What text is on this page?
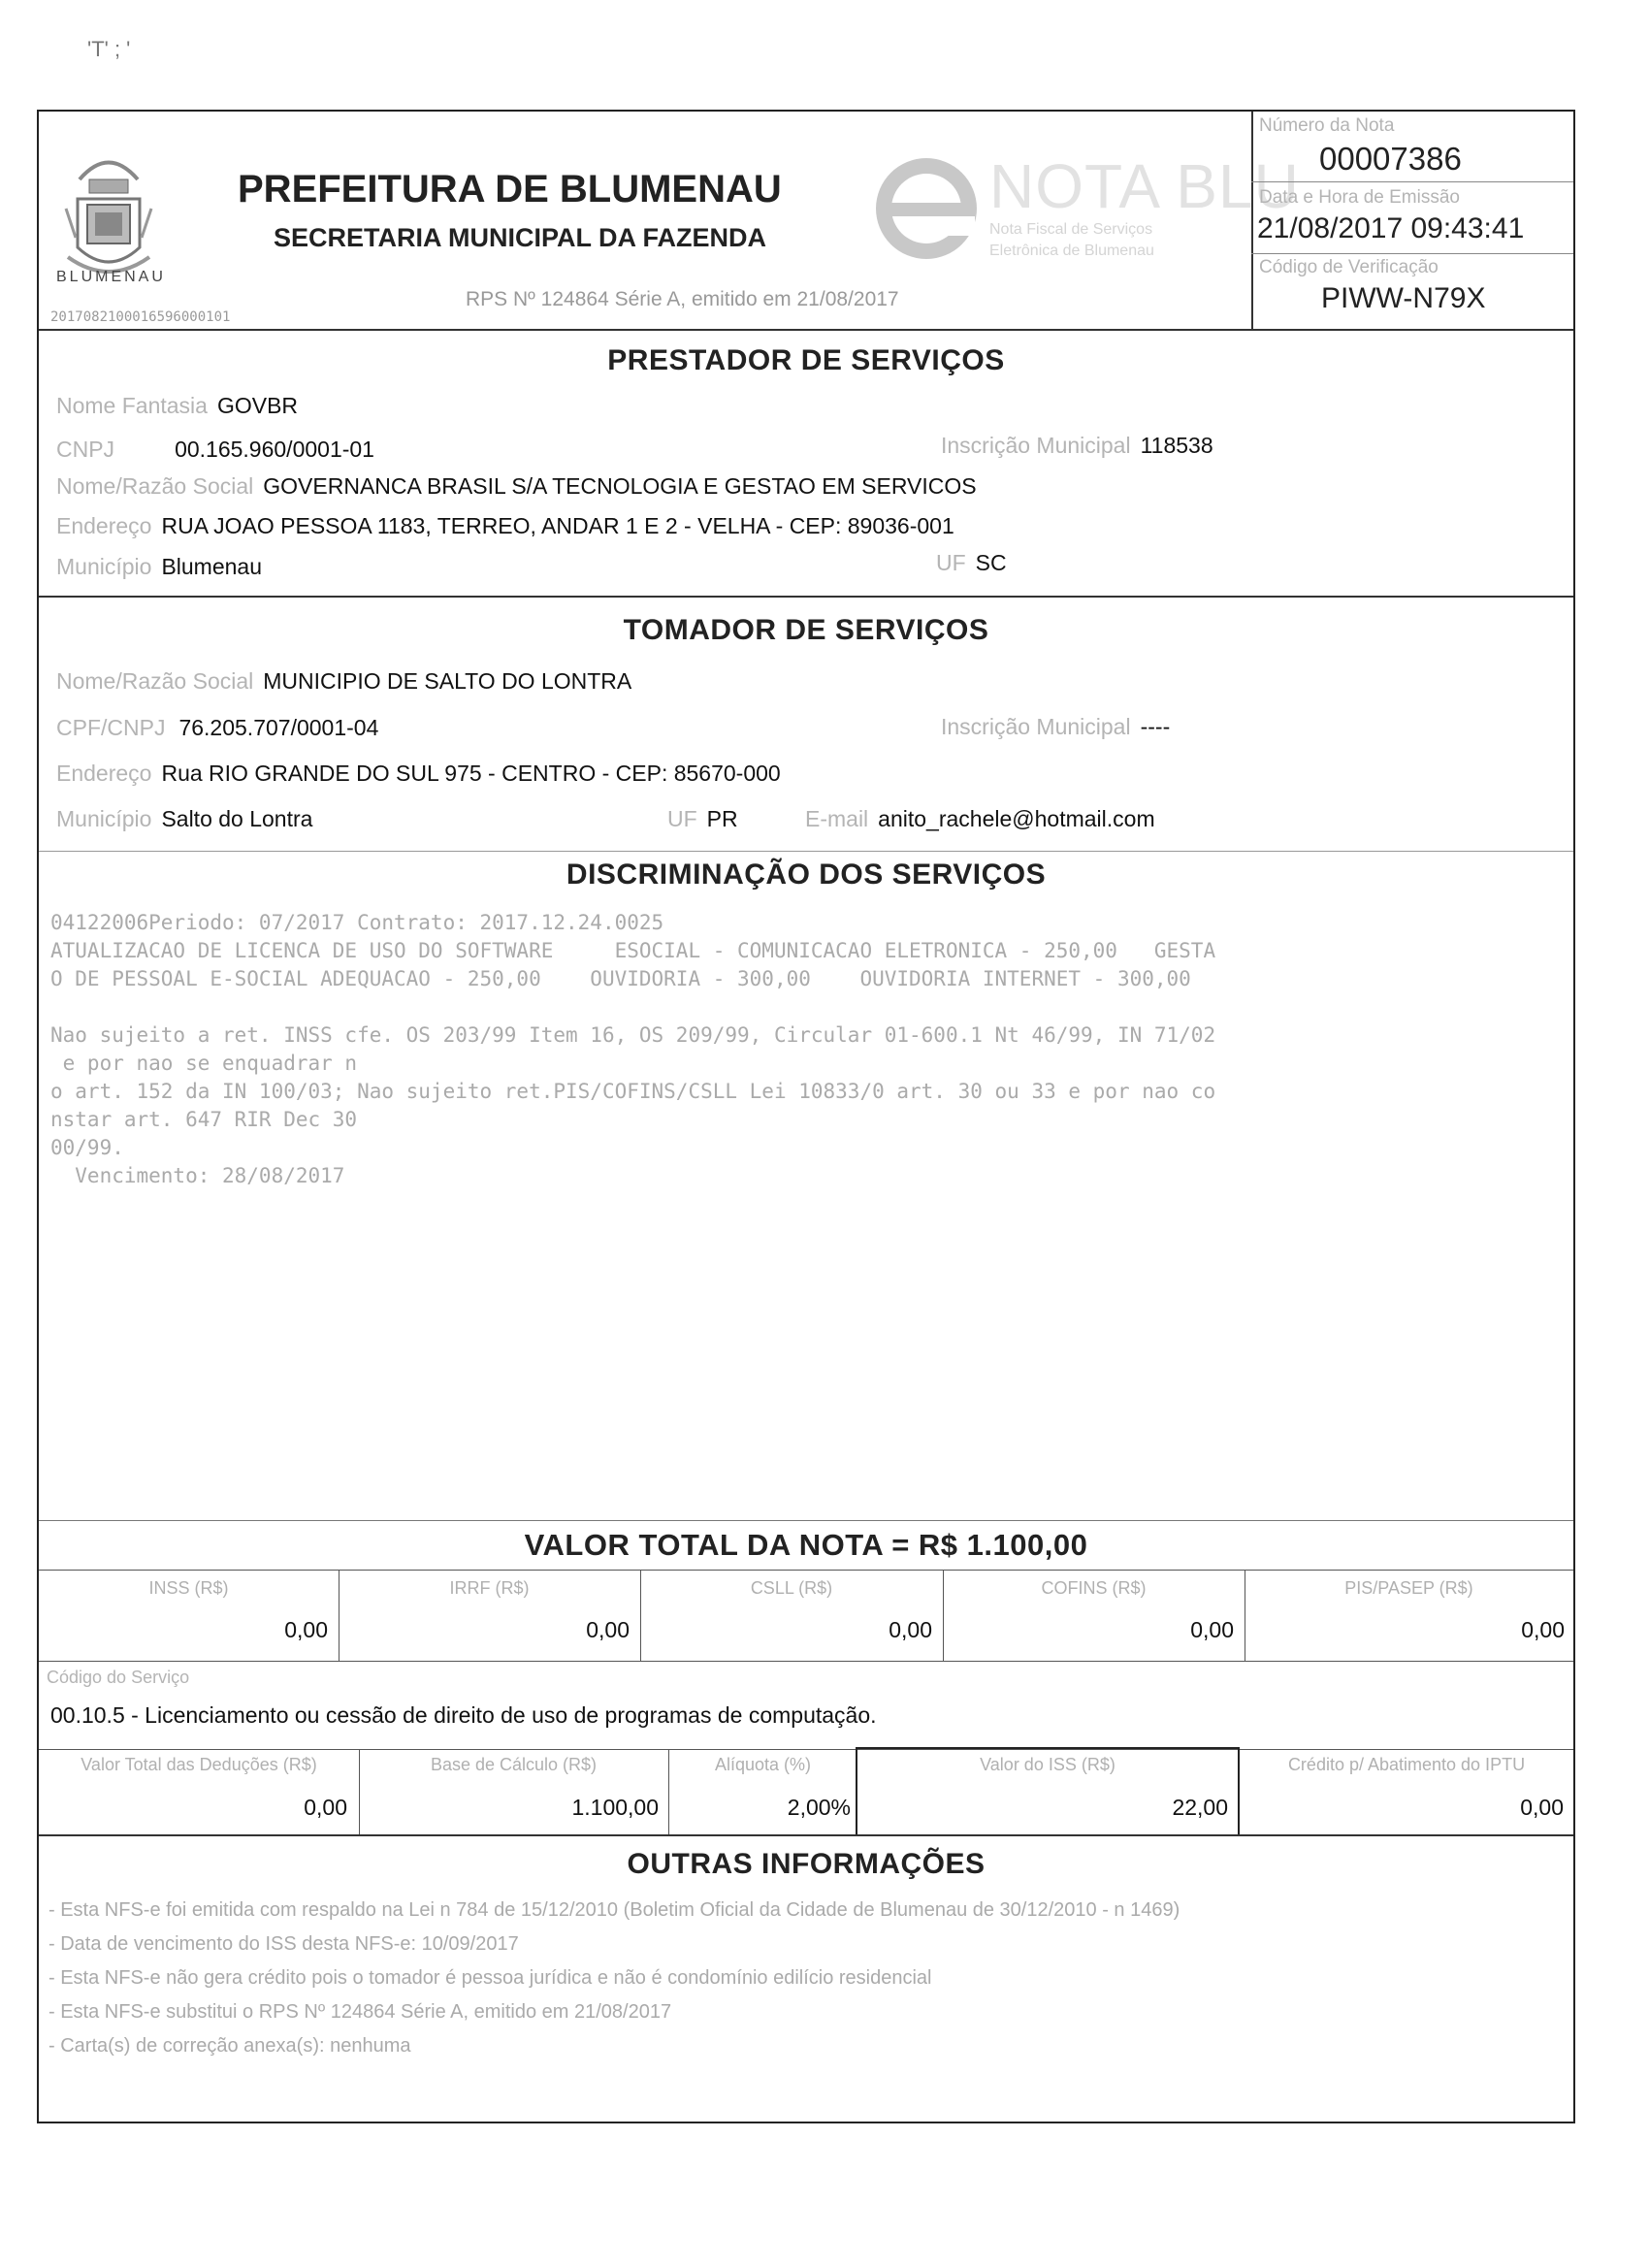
'T' ; '
BLUMENAU
2017082100016596000101
PREFEITURA DE BLUMENAU
SECRETARIA MUNICIPAL DA FAZENDA
RPS Nº 124864 Série A, emitido em 21/08/2017
NOTA BLU
Nota Fiscal de Serviços
Eletrônica de Blumenau
Número da Nota
00007386
Data e Hora de Emissão
21/08/2017 09:43:41
Código de Verificação
PIWW-N79X
PRESTADOR DE SERVIÇOS
Nome Fantasia GOVBR
CNPJ	00.165.960/0001-01	Inscrição Municipal 118538
Nome/Razão Social GOVERNANCA BRASIL S/A TECNOLOGIA E GESTAO EM SERVICOS
Endereço RUA JOAO PESSOA 1183, TERREO, ANDAR 1 E 2 - VELHA - CEP: 89036-001
Município Blumenau	UF SC
TOMADOR DE SERVIÇOS
Nome/Razão Social MUNICIPIO DE SALTO DO LONTRA
CPF/CNPJ 76.205.707/0001-04	Inscrição Municipal ----
Endereço Rua RIO GRANDE DO SUL 975 - CENTRO - CEP: 85670-000
Município Salto do Lontra	UF PR	E-mail anito_rachele@hotmail.com
DISCRIMINAÇÃO DOS SERVIÇOS
04122006Periodo: 07/2017 Contrato: 2017.12.24.0025
ATUALIZACAO DE LICENCA DE USO DO SOFTWARE     ESOCIAL - COMUNICACAO ELETRONICA - 250,00   GESTA
O DE PESSOAL E-SOCIAL ADEQUACAO - 250,00    OUVIDORIA - 300,00    OUVIDORIA INTERNET - 300,00
Nao sujeito a ret. INSS cfe. OS 203/99 Item 16, OS 209/99, Circular 01-600.1 Nt 46/99, IN 71/02
e por nao se enquadrar n
o art. 152 da IN 100/03; Nao sujeito ret.PIS/COFINS/CSLL Lei 10833/0 art. 30 ou 33 e por nao co
nstar art. 647 RIR Dec 30
00/99.
Vencimento: 28/08/2017
VALOR TOTAL DA NOTA = R$ 1.100,00
INSS (R$)
0,00
IRRF (R$)
0,00
CSLL (R$)
0,00
COFINS (R$)
0,00
PIS/PASEP (R$)
0,00
Código do Serviço
00.10.5 - Licenciamento ou cessão de direito de uso de programas de computação.
Valor Total das Deduções (R$)
0,00
Base de Cálculo (R$)
1.100,00
Alíquota (%)
2,00%
Valor do ISS (R$)
22,00
Crédito p/ Abatimento do IPTU
0,00
OUTRAS INFORMAÇÕES
- Esta NFS-e foi emitida com respaldo na Lei n 784 de 15/12/2010 (Boletim Oficial da Cidade de Blumenau de 30/12/2010 - n 1469)
- Data de vencimento do ISS desta NFS-e: 10/09/2017
- Esta NFS-e não gera crédito pois o tomador é pessoa jurídica e não é condomínio edilício residencial
- Esta NFS-e substitui o RPS Nº 124864 Série A, emitido em 21/08/2017
- Carta(s) de correção anexa(s): nenhuma
